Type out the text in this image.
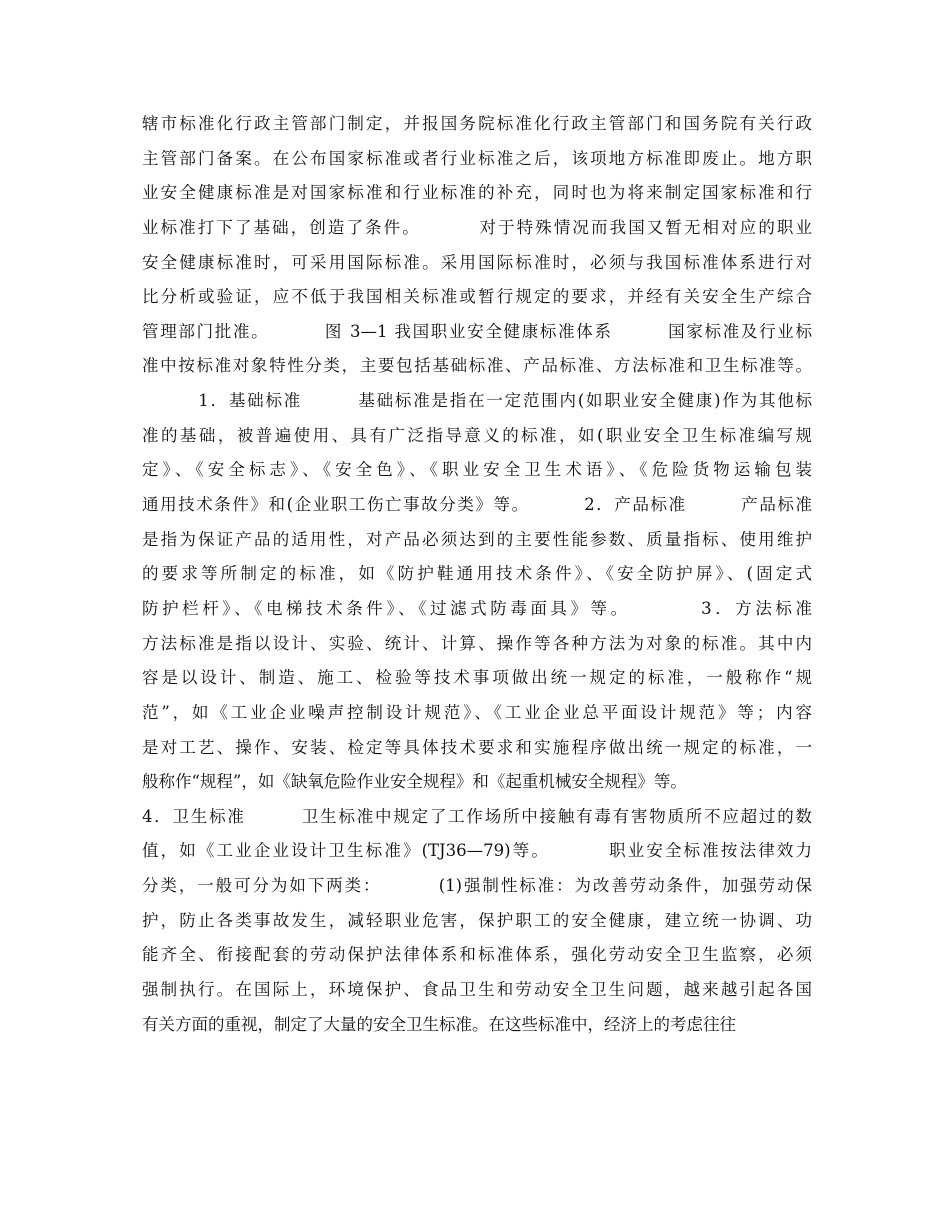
辖市标准化行政主管部门制定，并报国务院标准化行政主管部门和国务院有关行政
主管部门备案。在公布国家标准或者行业标准之后，该项地方标准即废止。地方职
业安全健康标准是对国家标准和行业标准的补充，同时也为将来制定国家标准和行
业标准打下了基础，创造了条件。        对于特殊情况而我国又暂无相对应的职业
安全健康标准时，可采用国际标准。采用国际标准时，必须与我国标准体系进行对
比分析或验证，应不低于我国相关标准或暂行规定的要求，并经有关安全生产综合
管理部门批准。        图 3—1 我国职业安全健康标准体系        国家标准及行业标
准中按标准对象特性分类，主要包括基础标准、产品标准、方法标准和卫生标准等。
1．基础标准        基础标准是指在一定范围内(如职业安全健康)作为其他标
准的基础，被普遍使用、具有广泛指导意义的标准，如(职业安全卫生标准编写规
定》、《安全标志》、《安全色》、《职业安全卫生术语》、《危险货物运输包装
通用技术条件》和(企业职工伤亡事故分类》等。        2．产品标准        产品标准
是指为保证产品的适用性，对产品必须达到的主要性能参数、质量指标、使用维护
的要求等所制定的标准，如《防护鞋通用技术条件》、《安全防护屏》、(固定式
防护栏杆》、《电梯技术条件》、《过滤式防毒面具》等。        3．方法标准
方法标准是指以设计、实验、统计、计算、操作等各种方法为对象的标准。其中内
容是以设计、制造、施工、检验等技术事项做出统一规定的标准，一般称作“规
范”，如《工业企业噪声控制设计规范》、《工业企业总平面设计规范》等；内容
是对工艺、操作、安装、检定等具体技术要求和实施程序做出统一规定的标准，一
般称作“规程”，如《缺氧危险作业安全规程》和《起重机械安全规程》等。
4．卫生标准        卫生标准中规定了工作场所中接触有毒有害物质所不应超过的数
值，如《工业企业设计卫生标准》(TJ36—79)等。        职业安全标准按法律效力
分类，一般可分为如下两类：        (1)强制性标准：为改善劳动条件，加强劳动保
护，防止各类事故发生，减轻职业危害，保护职工的安全健康，建立统一协调、功
能齐全、衔接配套的劳动保护法律体系和标准体系，强化劳动安全卫生监察，必须
强制执行。在国际上，环境保护、食品卫生和劳动安全卫生问题，越来越引起各国
有关方面的重视，制定了大量的安全卫生标准。在这些标准中，经济上的考虑往往
